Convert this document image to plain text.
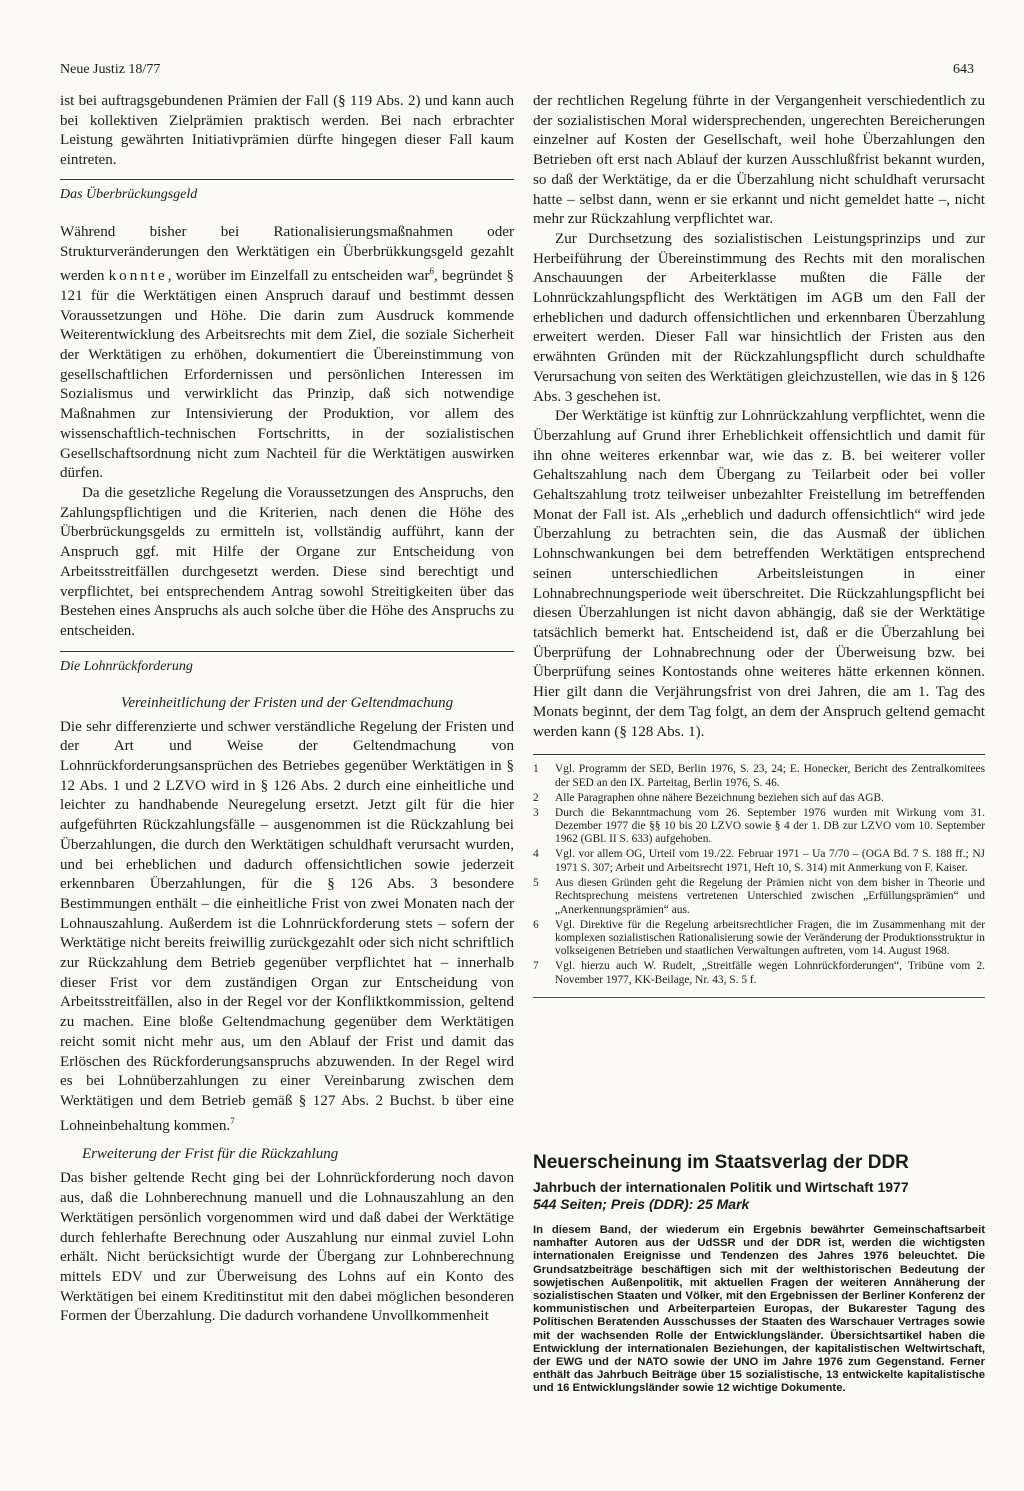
Neue Justiz 18/77	643

ist bei auftragsgebundenen Prämien der Fall (§ 119 Abs. 2) und kann auch bei kollektiven Zielprämien praktisch werden. Bei nach erbrachter Leistung gewährten Initiativprämien dürfte hingegen dieser Fall kaum eintreten.

Das Überbrückungsgeld

Während bisher bei Rationalisierungsmaßnahmen oder Strukturveränderungen den Werktätigen ein Überbrükkungsgeld gezahlt werden konnte, worüber im Einzelfall zu entscheiden war$^6$, begründet § 121 für die Werktätigen einen Anspruch darauf und bestimmt dessen Voraussetzungen und Höhe. Die darin zum Ausdruck kommende Weiterentwicklung des Arbeitsrechts mit dem Ziel, die soziale Sicherheit der Werktätigen zu erhöhen, dokumentiert die Übereinstimmung von gesellschaftlichen Erfordernissen und persönlichen Interessen im Sozialismus und verwirklicht das Prinzip, daß sich notwendige Maßnahmen zur Intensivierung der Produktion, vor allem des wissenschaftlich-technischen Fortschritts, in der sozialistischen Gesellschaftsordnung nicht zum Nachteil für die Werktätigen auswirken dürfen.

Da die gesetzliche Regelung die Voraussetzungen des Anspruchs, den Zahlungspflichtigen und die Kriterien, nach denen die Höhe des Überbrückungsgelds zu ermitteln ist, vollständig aufführt, kann der Anspruch ggf. mit Hilfe der Organe zur Entscheidung von Arbeitsstreitfällen durchgesetzt werden. Diese sind berechtigt und verpflichtet, bei entsprechendem Antrag sowohl Streitigkeiten über das Bestehen eines Anspruchs als auch solche über die Höhe des Anspruchs zu entscheiden.

Die Lohnrückforderung
Vereinheitlichung der Fristen und der Geltendmachung

Die sehr differenzierte und schwer verständliche Regelung der Fristen und der Art und Weise der Geltendmachung von Lohnrückforderungsansprüchen des Betriebes gegenüber Werktätigen in § 12 Abs. 1 und 2 LZVO wird in § 126 Abs. 2 durch eine einheitliche und leichter zu handhabende Neuregelung ersetzt. Jetzt gilt für die hier aufgeführten Rückzahlungsfälle – ausgenommen ist die Rückzahlung bei Überzahlungen, die durch den Werktätigen schuldhaft verursacht wurden, und bei erheblichen und dadurch offensichtlichen sowie jederzeit erkennbaren Überzahlungen, für die § 126 Abs. 3 besondere Bestimmungen enthält – die einheitliche Frist von zwei Monaten nach der Lohnauszahlung. Außerdem ist die Lohnrückforderung stets – sofern der Werktätige nicht bereits freiwillig zurückgezahlt oder sich nicht schriftlich zur Rückzahlung dem Betrieb gegenüber verpflichtet hat – innerhalb dieser Frist vor dem zuständigen Organ zur Entscheidung von Arbeitsstreitfällen, also in der Regel vor der Konfliktkommission, geltend zu machen. Eine bloße Geltendmachung gegenüber dem Werktätigen reicht somit nicht mehr aus, um den Ablauf der Frist und damit das Erlöschen des Rückforderungsanspruchs abzuwenden. In der Regel wird es bei Lohnüberzahlungen zu einer Vereinbarung zwischen dem Werktätigen und dem Betrieb gemäß § 127 Abs. 2 Buchst. b über eine Lohneinbehaltung kommen.$^7$

Erweiterung der Frist für die Rückzahlung

Das bisher geltende Recht ging bei der Lohnrückforderung noch davon aus, daß die Lohnberechnung manuell und die Lohnauszahlung an den Werktätigen persönlich vorgenommen wird und daß dabei der Werktätige durch fehlerhafte Berechnung oder Auszahlung nur einmal zuviel Lohn erhält. Nicht berücksichtigt wurde der Übergang zur Lohnberechnung mittels EDV und zur Überweisung des Lohns auf ein Konto des Werktätigen bei einem Kreditinstitut mit den dabei möglichen besonderen Formen der Überzahlung. Die dadurch vorhandene Unvollkommenheit

der rechtlichen Regelung führte in der Vergangenheit verschiedentlich zu der sozialistischen Moral widersprechenden, ungerechten Bereicherungen einzelner auf Kosten der Gesellschaft, weil hohe Überzahlungen den Betrieben oft erst nach Ablauf der kurzen Ausschlußfrist bekannt wurden, so daß der Werktätige, da er die Überzahlung nicht schuldhaft verursacht hatte – selbst dann, wenn er sie erkannt und nicht gemeldet hatte –, nicht mehr zur Rückzahlung verpflichtet war.

Zur Durchsetzung des sozialistischen Leistungsprinzips und zur Herbeiführung der Übereinstimmung des Rechts mit den moralischen Anschauungen der Arbeiterklasse mußten die Fälle der Lohnrückzahlungspflicht des Werktätigen im AGB um den Fall der erheblichen und dadurch offensichtlichen und erkennbaren Überzahlung erweitert werden. Dieser Fall war hinsichtlich der Fristen aus den erwähnten Gründen mit der Rückzahlungspflicht durch schuldhafte Verursachung von seiten des Werktätigen gleichzustellen, wie das in § 126 Abs. 3 geschehen ist.

Der Werktätige ist künftig zur Lohnrückzahlung verpflichtet, wenn die Überzahlung auf Grund ihrer Erheblichkeit offensichtlich und damit für ihn ohne weiteres erkennbar war, wie das z. B. bei weiterer voller Gehaltszahlung nach dem Übergang zu Teilarbeit oder bei voller Gehaltszahlung trotz teilweiser unbezahlter Freistellung im betreffenden Monat der Fall ist. Als „erheblich und dadurch offensichtlich“ wird jede Überzahlung zu betrachten sein, die das Ausmaß der üblichen Lohnschwankungen bei dem betreffenden Werktätigen entsprechend seinen unterschiedlichen Arbeitsleistungen in einer Lohnabrechnungsperiode weit überschreitet. Die Rückzahlungspflicht bei diesen Überzahlungen ist nicht davon abhängig, daß sie der Werktätige tatsächlich bemerkt hat. Entscheidend ist, daß er die Überzahlung bei Überprüfung der Lohnabrechnung oder der Überweisung bzw. bei Überprüfung seines Kontostands ohne weiteres hätte erkennen können. Hier gilt dann die Verjährungsfrist von drei Jahren, die am 1. Tag des Monats beginnt, der dem Tag folgt, an dem der Anspruch geltend gemacht werden kann (§ 128 Abs. 1).

1	Vgl. Programm der SED, Berlin 1976, S. 23, 24; E. Honecker, Bericht des Zentralkomitees der SED an den IX. Parteitag, Berlin 1976, S. 46.
2	Alle Paragraphen ohne nähere Bezeichnung beziehen sich auf das AGB.
3	Durch die Bekanntmachung vom 26. September 1976 wurden mit Wirkung vom 31. Dezember 1977 die §§ 10 bis 20 LZVO sowie § 4 der 1. DB zur LZVO vom 10. September 1962 (GBl. II S. 633) aufgehoben.
4	Vgl. vor allem OG, Urteil vom 19./22. Februar 1971 – Ua 7/70 – (OGA Bd. 7 S. 188 ff.; NJ 1971 S. 307; Arbeit und Arbeitsrecht 1971, Heft 10, S. 314) mit Anmerkung von F. Kaiser.
5	Aus diesen Gründen geht die Regelung der Prämien nicht von dem bisher in Theorie und Rechtsprechung meistens vertretenen Unterschied zwischen „Erfüllungsprämien“ und „Anerkennungsprämien“ aus.
6	Vgl. Direktive für die Regelung arbeitsrechtlicher Fragen, die im Zusammenhang mit der komplexen sozialistischen Rationalisierung sowie der Veränderung der Produktionsstruktur in volkseigenen Betrieben und staatlichen Verwaltungen auftreten, vom 14. August 1968.
7	Vgl. hierzu auch W. Rudelt, „Streitfälle wegen Lohnrückforderungen“, Tribüne vom 2. November 1977, KK-Beilage, Nr. 43, S. 5 f.
Neuerscheinung im Staatsverlag der DDR
Jahrbuch der internationalen Politik und Wirtschaft 1977
544 Seiten; Preis (DDR): 25 Mark

In diesem Band, der wiederum ein Ergebnis bewährter Gemeinschaftsarbeit namhafter Autoren aus der UdSSR und der DDR ist, werden die wichtigsten internationalen Ereignisse und Tendenzen des Jahres 1976 beleuchtet. Die Grundsatzbeiträge beschäftigen sich mit der welthistorischen Bedeutung der sowjetischen Außenpolitik, mit aktuellen Fragen der weiteren Annäherung der sozialistischen Staaten und Völker, mit den Ergebnissen der Berliner Konferenz der kommunistischen und Arbeiterparteien Europas, der Bukarester Tagung des Politischen Beratenden Ausschusses der Staaten des Warschauer Vertrages sowie mit der wachsenden Rolle der Entwicklungsländer. Übersichtsartikel haben die Entwicklung der internationalen Beziehungen, der kapitalistischen Weltwirtschaft, der EWG und der NATO sowie der UNO im Jahre 1976 zum Gegenstand. Ferner enthält das Jahrbuch Beiträge über 15 sozialistische, 13 entwickelte kapitalistische und 16 Entwicklungsländer sowie 12 wichtige Dokumente.
